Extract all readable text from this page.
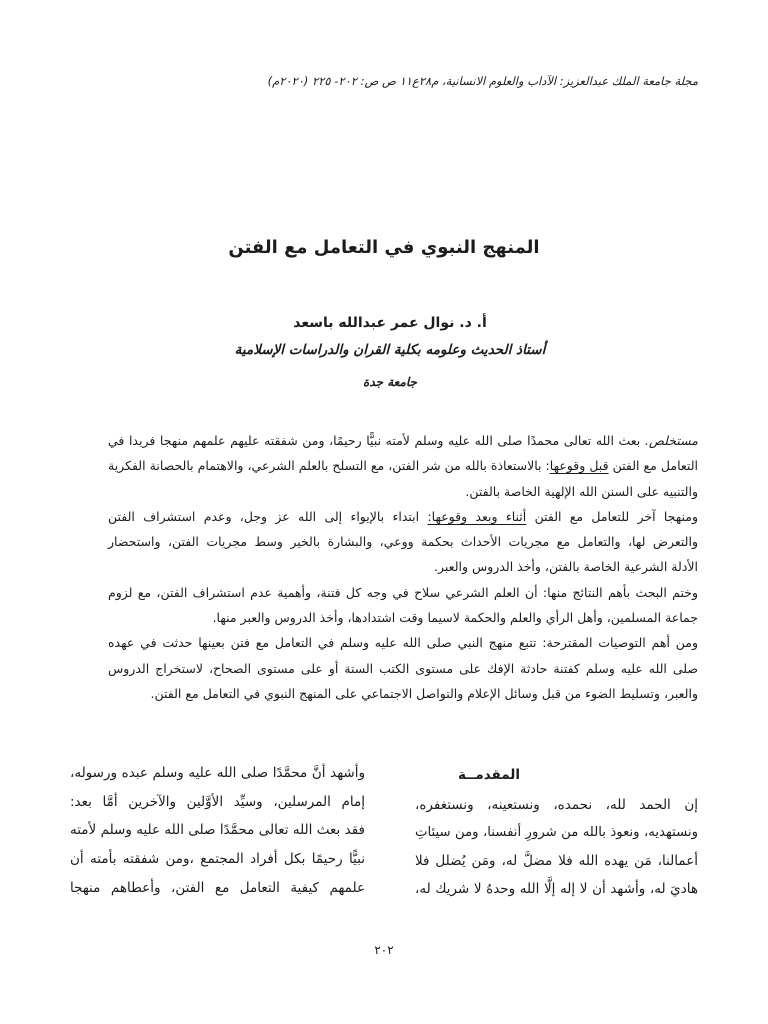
مجلة جامعة الملك عبدالعزيز: الآداب والعلوم الانسانية، م٢٨ع١١ ص ص: ٢٠٢- ٢٢٥ (٢٠٢٠م)
المنهج النبوي في التعامل مع الفتن
أ. د. نوال عمر عبدالله باسعد
أستاذ الحديث وعلومه بكلية القران والدراسات الإسلامية
جامعة جدة
مستخلص. بعث الله تعالى محمدًا صلى الله عليه وسلم لأمته نبيًّا رحيمًا، ومن شفقته عليهم علمهم منهجا فريدا في
التعامل مع الفتن قبل وقوعها: بالاستعاذة بالله من شر الفتن، مع التسلح بالعلم الشرعي، والاهتمام بالحصانة الفكرية
والتنبيه على السنن الله الإلهية الخاصة بالفتن.
ومنهجا آخر للتعامل مع الفتن أثناء وبعد وقوعها: ابتداء بالإيواء إلى الله عز وجل، وعدم استشراف الفتن
والتعرض لها، والتعامل مع مجريات الأحداث بحكمة ووعي، والبشارة بالخير وسط مجريات الفتن، واستحضار
الأدلة الشرعية الخاصة بالفتن، وأخذ الدروس والعبر.
وختم البحث بأهم النتائج منها: أن العلم الشرعي سلاح في وجه كل فتنة، وأهمية عدم استشراف الفتن، مع لزوم
جماعة المسلمين، وأهل الرأي والعلم والحكمة لاسيما وقت اشتدادها، وأخذ الدروس والعبر منها.
ومن أهم التوصيات المقترحة: تتبع منهج النبي صلى الله عليه وسلم في التعامل مع فتن بعينها حدثت في عهده
صلى الله عليه وسلم كفتنة حادثة الإفك على مستوى الكتب الستة أو على مستوى الصحاح، لاستخراج الدروس
والعبر، وتسليط الضوء من قبل وسائل الإعلام والتواصل الاجتماعي على المنهج النبوي في التعامل مع الفتن.
المقدمــة
إن الحمد لله، نحمده، ونستعينه، ونستغفره،
ونستهديه، ونعوذ بالله من شرورِ أنفسنا، ومن سيئاتِ
أعمالنا، مَن يهده الله فلا مضلَّ له، ومَن يُضلل فلا
هاديَ له، وأشهد أن لا إله إلَّا الله وحدهُ لا شريك له،
وأشهد أنَّ محمَّدًا صلى الله عليه وسلم عبده ورسوله،
إمام المرسلين، وسيِّد الأوَّلين والآخرين أمَّا بعد:
فقد بعث الله تعالى محمَّدًا صلى الله عليه وسلم لأمته
نبيًّا رحيمًا بكل أفراد المجتمع ،ومن شفقته بأمته أن
علمهم كيفية التعامل مع الفتن، وأعطاهم منهجا
٢٠٢
